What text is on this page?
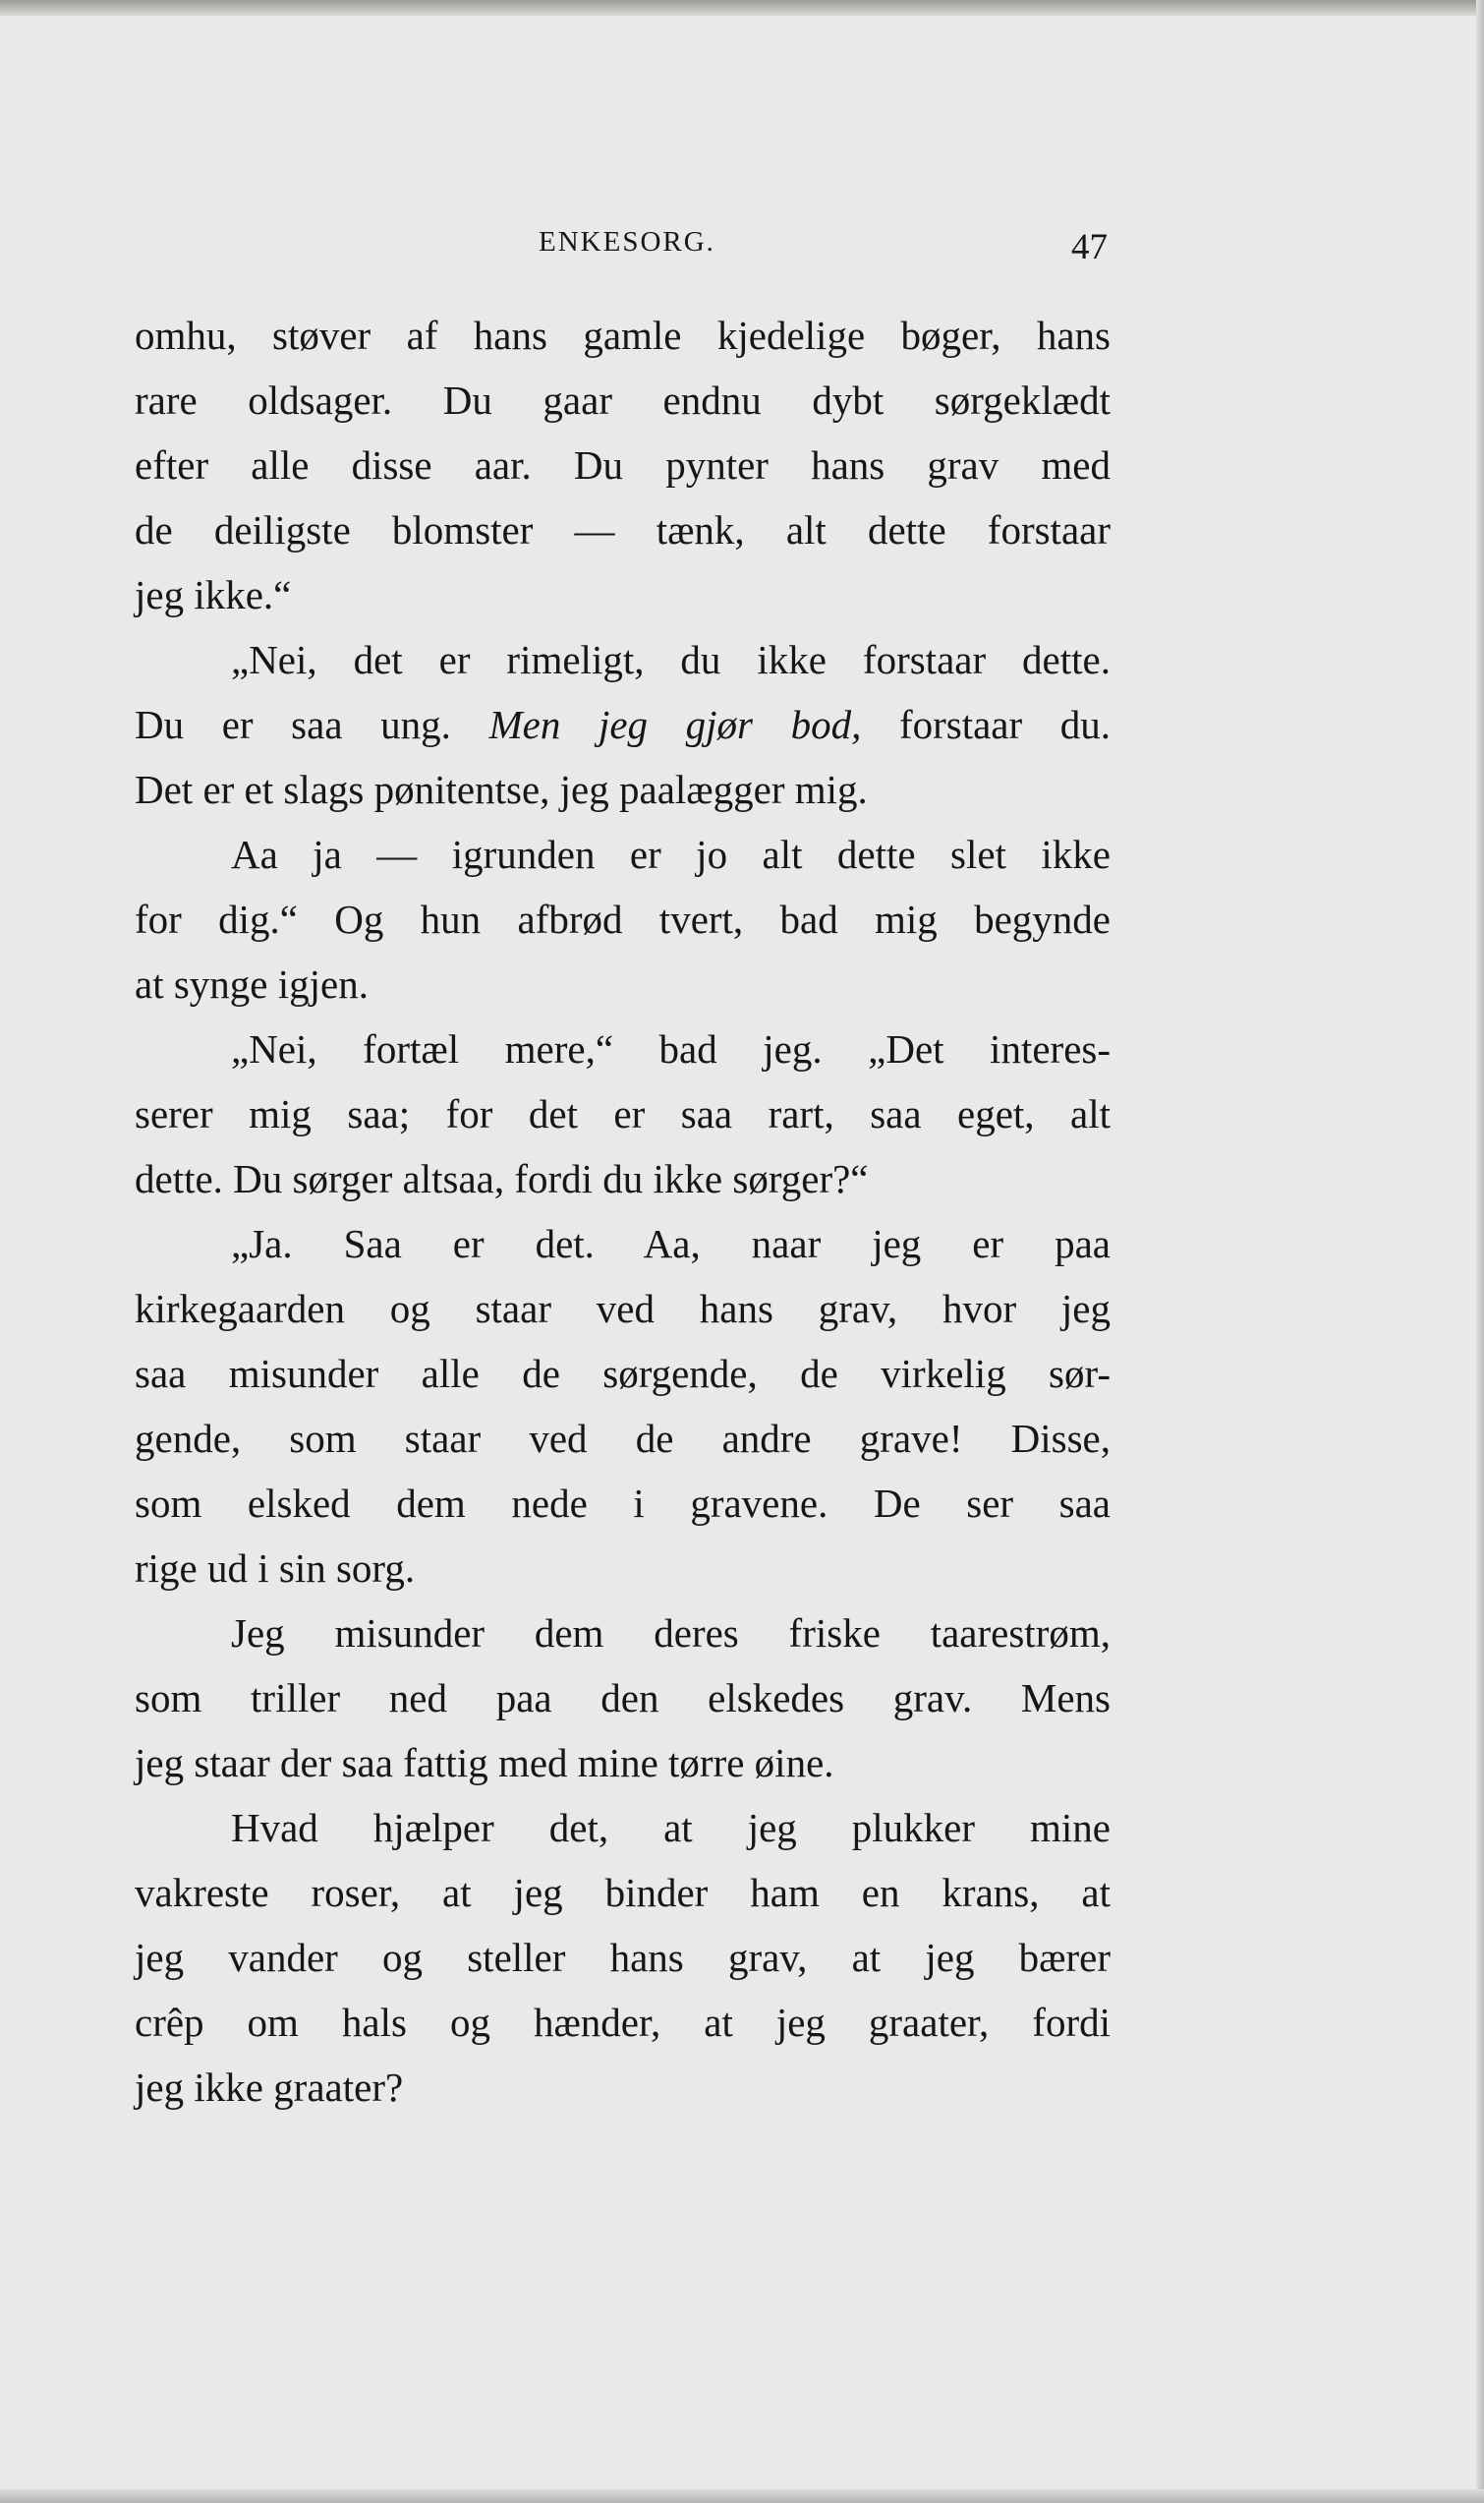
ENKESORG.	47
omhu, støver af hans gamle kjedelige bøger, hans
rare oldsager. Du gaar endnu dybt sørgeklædt
efter alle disse aar. Du pynter hans grav med
de deiligste blomster — tænk, alt dette forstaar
jeg ikke.“
„Nei, det er rimeligt, du ikke forstaar dette.
Du er saa ung. Men jeg gjør bod, forstaar du.
Det er et slags pønitentse, jeg paalægger mig.
Aa ja — igrunden er jo alt dette slet ikke
for dig.“ Og hun afbrød tvert, bad mig begynde
at synge igjen.
„Nei, fortæl mere,“ bad jeg. „Det interes-
serer mig saa; for det er saa rart, saa eget, alt
dette. Du sørger altsaa, fordi du ikke sørger?“
„Ja. Saa er det. Aa, naar jeg er paa
kirkegaarden og staar ved hans grav, hvor jeg
saa misunder alle de sørgende, de virkelig sør-
gende, som staar ved de andre grave! Disse,
som elsked dem nede i gravene. De ser saa
rige ud i sin sorg.
Jeg misunder dem deres friske taarestrøm,
som triller ned paa den elskedes grav. Mens
jeg staar der saa fattig med mine tørre øine.
Hvad hjælper det, at jeg plukker mine
vakreste roser, at jeg binder ham en krans, at
jeg vander og steller hans grav, at jeg bærer
crêp om hals og hænder, at jeg graater, fordi
jeg ikke graater?
